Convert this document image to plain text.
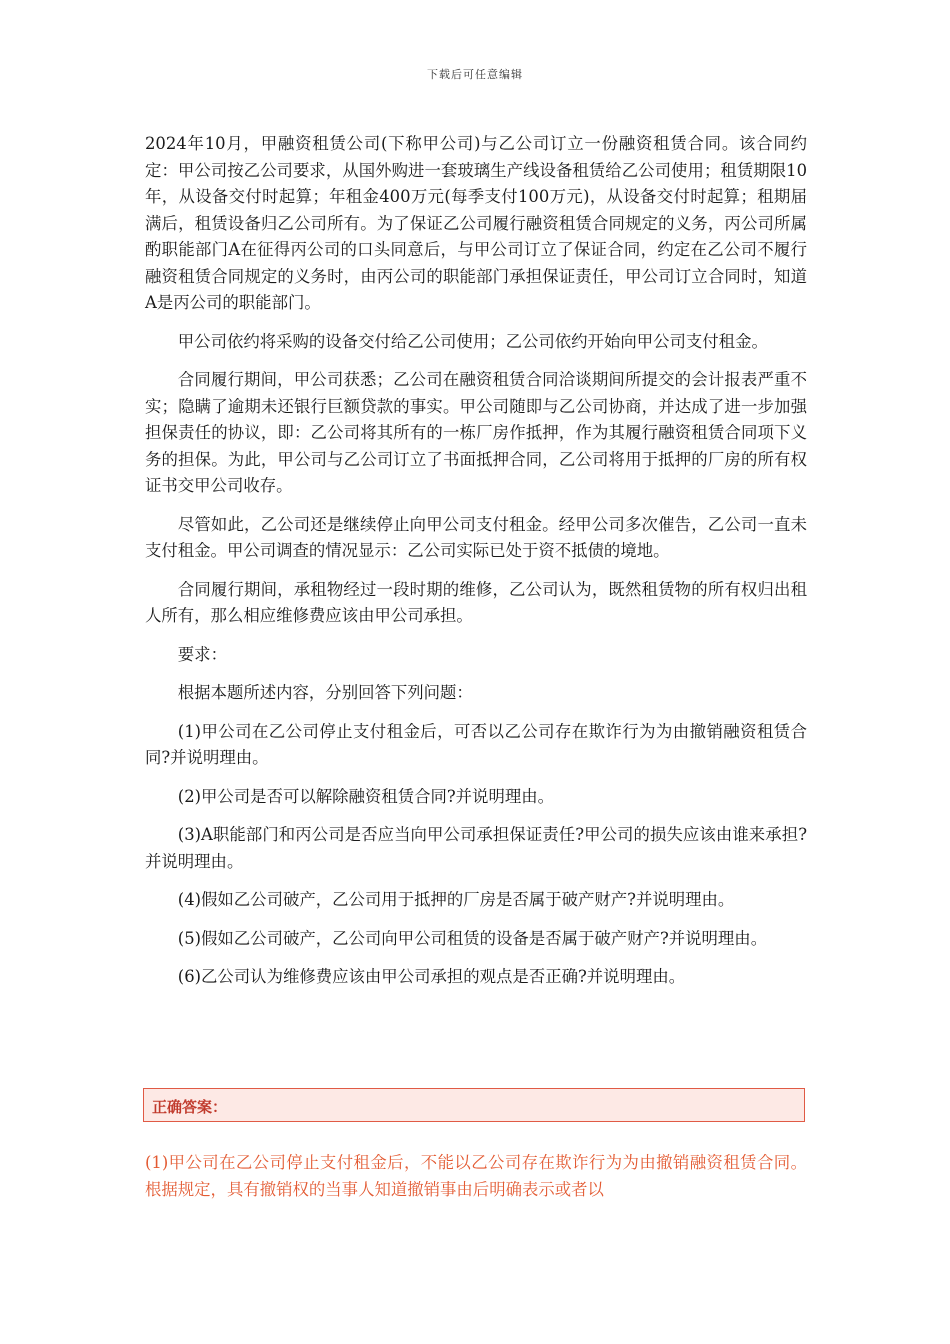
下载后可任意编辑

2024年10月，甲融资租赁公司(下称甲公司)与乙公司订立一份融资租赁合同。该合同约定：甲公司按乙公司要求，从国外购进一套玻璃生产线设备租赁给乙公司使用；租赁期限10年，从设备交付时起算；年租金400万元(每季支付100万元)，从设备交付时起算；租期届满后，租赁设备归乙公司所有。为了保证乙公司履行融资租赁合同规定的义务，丙公司所属酌职能部门A在征得丙公司的口头同意后，与甲公司订立了保证合同，约定在乙公司不履行融资租赁合同规定的义务时，由丙公司的职能部门承担保证责任，甲公司订立合同时，知道A是丙公司的职能部门。

甲公司依约将采购的设备交付给乙公司使用；乙公司依约开始向甲公司支付租金。

合同履行期间，甲公司获悉；乙公司在融资租赁合同洽谈期间所提交的会计报表严重不实；隐瞒了逾期未还银行巨额贷款的事实。甲公司随即与乙公司协商，并达成了进一步加强担保责任的协议，即：乙公司将其所有的一栋厂房作抵押，作为其履行融资租赁合同项下义务的担保。为此，甲公司与乙公司订立了书面抵押合同，乙公司将用于抵押的厂房的所有权证书交甲公司收存。

尽管如此，乙公司还是继续停止向甲公司支付租金。经甲公司多次催告，乙公司一直未支付租金。甲公司调查的情况显示：乙公司实际已处于资不抵债的境地。

合同履行期间，承租物经过一段时期的维修，乙公司认为，既然租赁物的所有权归出租人所有，那么相应维修费应该由甲公司承担。

要求：

根据本题所述内容，分别回答下列问题：

(1)甲公司在乙公司停止支付租金后，可否以乙公司存在欺诈行为为由撤销融资租赁合同?并说明理由。

(2)甲公司是否可以解除融资租赁合同?并说明理由。

(3)A职能部门和丙公司是否应当向甲公司承担保证责任?甲公司的损失应该由谁来承担?并说明理由。

(4)假如乙公司破产，乙公司用于抵押的厂房是否属于破产财产?并说明理由。

(5)假如乙公司破产，乙公司向甲公司租赁的设备是否属于破产财产?并说明理由。

(6)乙公司认为维修费应该由甲公司承担的观点是否正确?并说明理由。

正确答案：
(1)甲公司在乙公司停止支付租金后，不能以乙公司存在欺诈行为为由撤销融资租赁合同。根据规定，具有撤销权的当事人知道撤销事由后明确表示或者以
